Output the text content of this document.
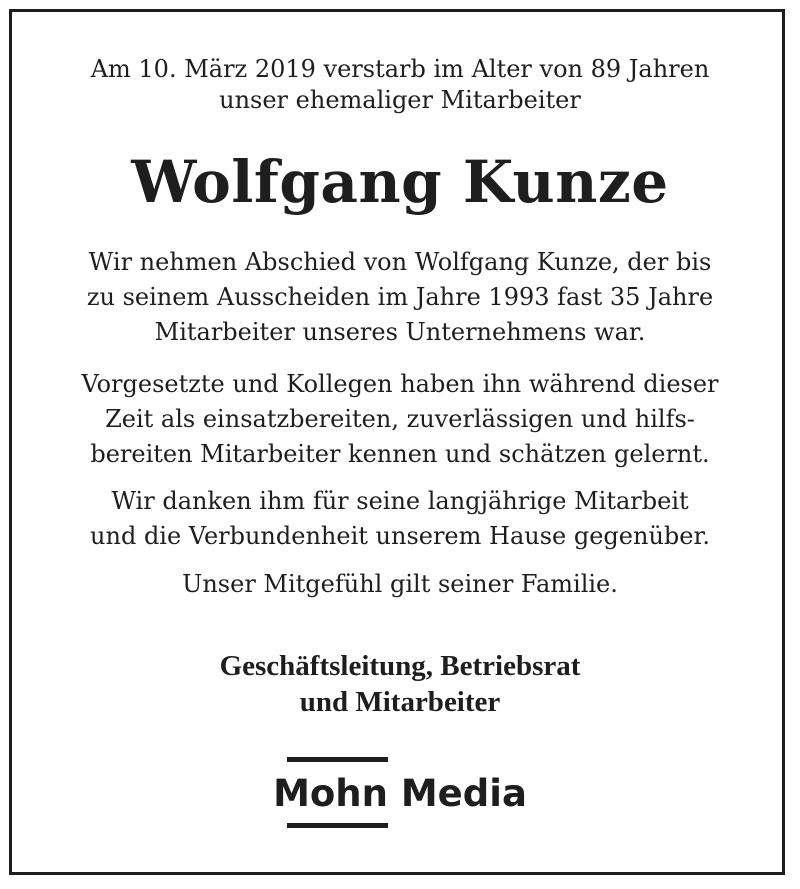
Am 10. März 2019 verstarb im Alter von 89 Jahren
unser ehemaliger Mitarbeiter
Wolfgang Kunze
Wir nehmen Abschied von Wolfgang Kunze, der bis
zu seinem Ausscheiden im Jahre 1993 fast 35 Jahre
Mitarbeiter unseres Unternehmens war.
Vorgesetzte und Kollegen haben ihn während dieser
Zeit als einsatzbereiten, zuverlässigen und hilfs-
bereiten Mitarbeiter kennen und schätzen gelernt.
Wir danken ihm für seine langjährige Mitarbeit
und die Verbundenheit unserem Hause gegenüber.
Unser Mitgefühl gilt seiner Familie.
Geschäftsleitung, Betriebsrat
und Mitarbeiter
Mohn Media
